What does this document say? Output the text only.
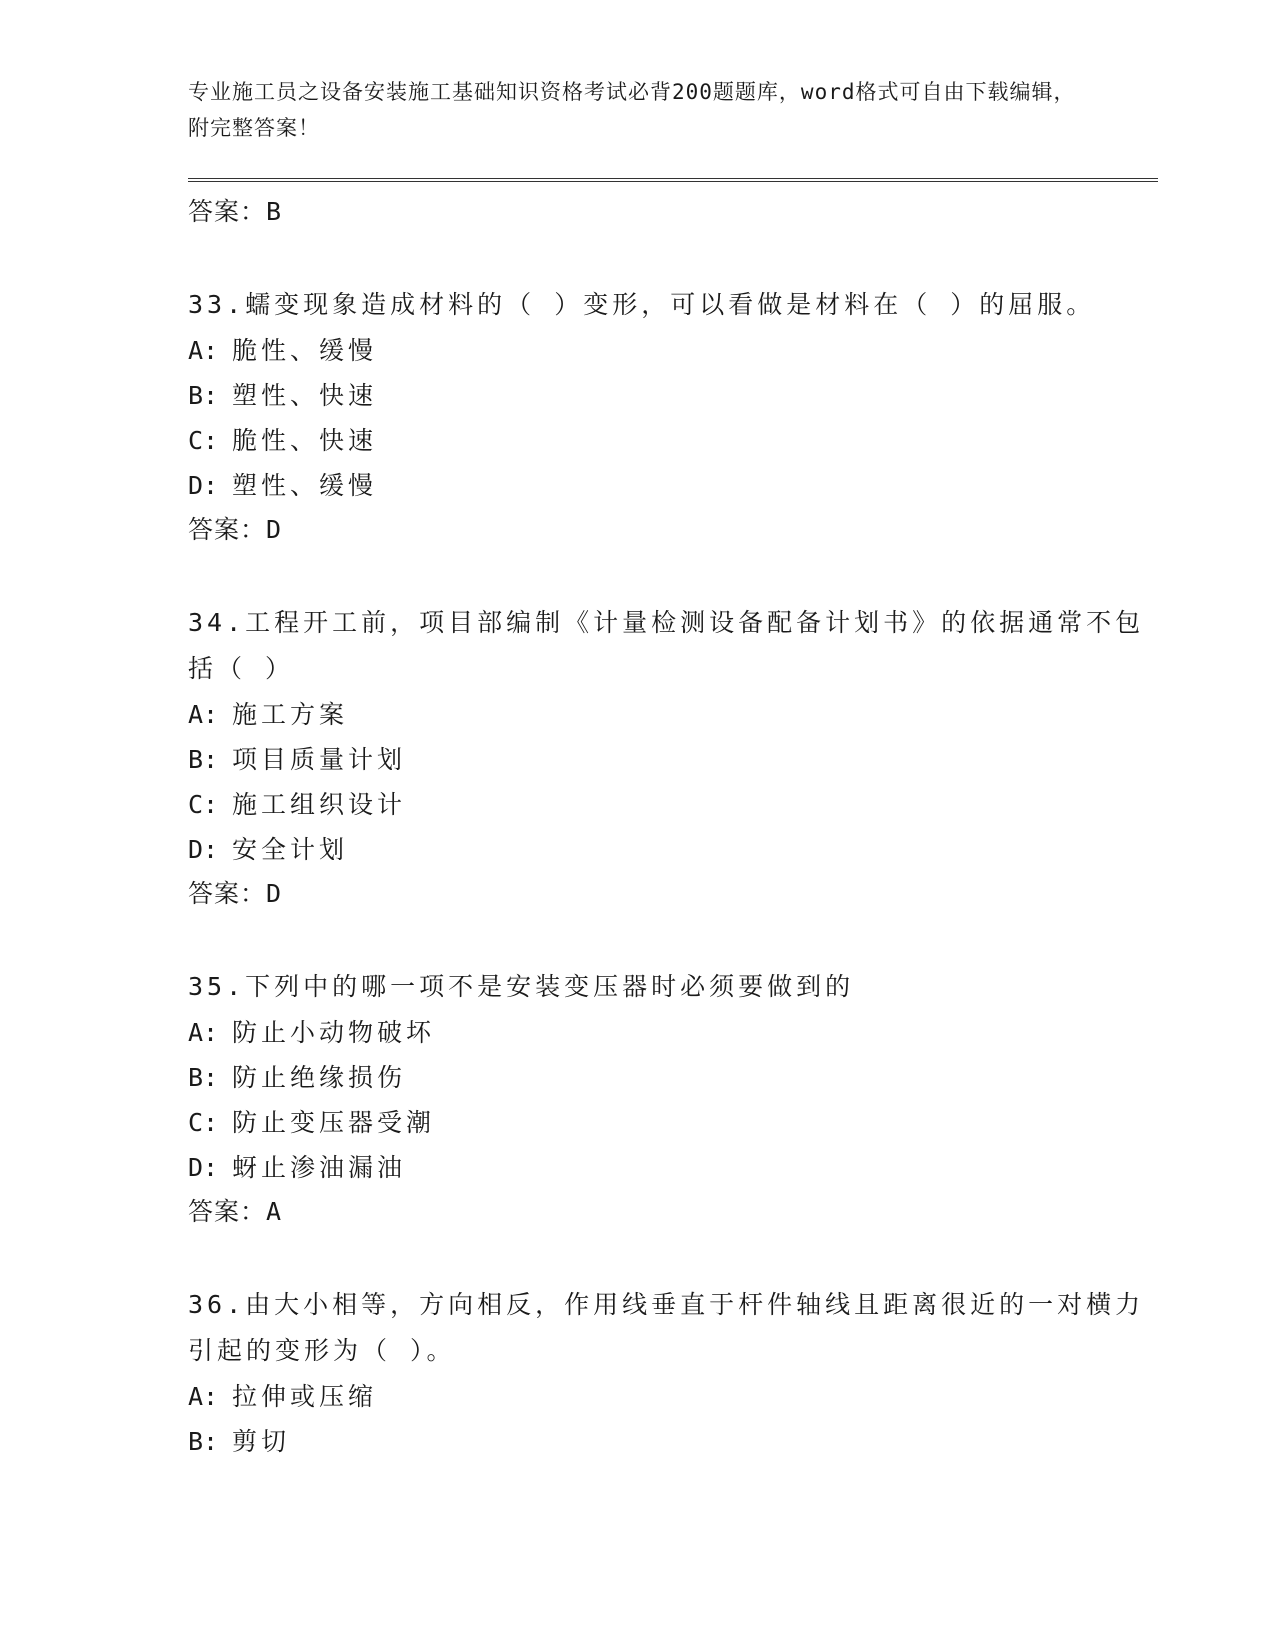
专业施工员之设备安装施工基础知识资格考试必背200题题库，word格式可自由下载编辑，附完整答案！
答案：B
33.蠕变现象造成材料的（ ）变形，可以看做是材料在（ ）的屈服。
A: 脆性、缓慢
B: 塑性、快速
C: 脆性、快速
D: 塑性、缓慢
答案：D
34.工程开工前，项目部编制《计量检测设备配备计划书》的依据通常不包括（ ）
A: 施工方案
B: 项目质量计划
C: 施工组织设计
D: 安全计划
答案：D
35.下列中的哪一项不是安装变压器时必须要做到的
A: 防止小动物破坏
B: 防止绝缘损伤
C: 防止变压器受潮
D: 蚜止渗油漏油
答案：A
36.由大小相等，方向相反，作用线垂直于杆件轴线且距离很近的一对横力引起的变形为（ ）。
A: 拉伸或压缩
B: 剪切
